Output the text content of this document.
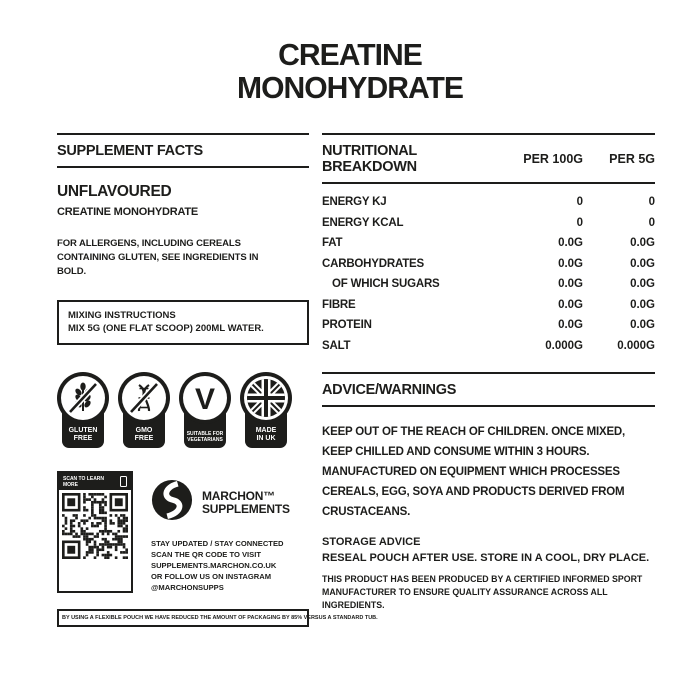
CREATINE
MONOHYDRATE
SUPPLEMENT FACTS
UNFLAVOURED
CREATINE MONOHYDRATE
FOR ALLERGENS, INCLUDING CEREALS CONTAINING GLUTEN, SEE INGREDIENTS IN BOLD.
MIXING INSTRUCTIONS
MIX 5G (ONE FLAT SCOOP) 200ML WATER.
GLUTEN
FREE
GMO
FREE
SUITABLE FOR
VEGETARIANS
V
MADE
IN UK
SCAN TO LEARN MORE
MARCHON™
SUPPLEMENTS
STAY UPDATED / STAY CONNECTED
SCAN THE QR CODE TO VISIT SUPPLEMENTS.MARCHON.CO.UK
OR FOLLOW US ON INSTAGRAM @MARCHONSUPPS
BY USING A FLEXIBLE POUCH WE HAVE REDUCED THE AMOUNT OF PACKAGING BY 85% VERSUS A STANDARD TUB.
NUTRITIONAL BREAKDOWN	PER 100G	PER 5G
ENERGY KJ	0	0
ENERGY KCAL	0	0
FAT	0.0G	0.0G
CARBOHYDRATES	0.0G	0.0G
OF WHICH SUGARS	0.0G	0.0G
FIBRE	0.0G	0.0G
PROTEIN	0.0G	0.0G
SALT	0.000G	0.000G
ADVICE/WARNINGS
KEEP OUT OF THE REACH OF CHILDREN. ONCE MIXED, KEEP CHILLED AND CONSUME WITHIN 3 HOURS. MANUFACTURED ON EQUIPMENT WHICH PROCESSES CEREALS, EGG, SOYA AND PRODUCTS DERIVED FROM CRUSTACEANS.
STORAGE ADVICE
RESEAL POUCH AFTER USE. STORE IN A COOL, DRY PLACE.
THIS PRODUCT HAS BEEN PRODUCED BY A CERTIFIED INFORMED SPORT MANUFACTURER TO ENSURE QUALITY ASSURANCE ACROSS ALL INGREDIENTS.
